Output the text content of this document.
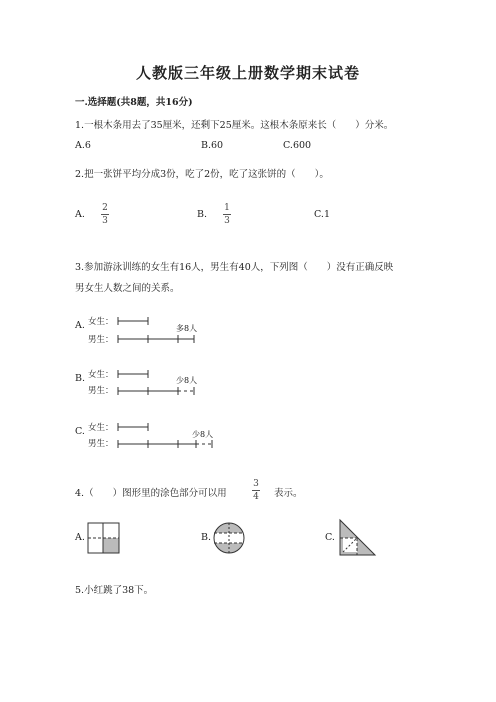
人教版三年级上册数学期末试卷
一.选择题(共8题，共16分)
1.一根木条用去了35厘米，还剩下25厘米。这根木条原来长（　　）分米。
A.6	B.60	C.600
2.把一张饼平均分成3份，吃了2份，吃了这张饼的（　　）。
A.
2
3
B.
1
3
C.1
3.参加游泳训练的女生有16人，男生有40人，下列图（　　）没有正确反映
男女生人数之间的关系。
A. 女生：
男生：
多8人
B. 女生：
男生：
少8人
C. 女生：
男生：
少8人
4.（　　）图形里的涂色部分可以用
3
4 表示。
A.	B.	C.
5.小红跳了38下。
